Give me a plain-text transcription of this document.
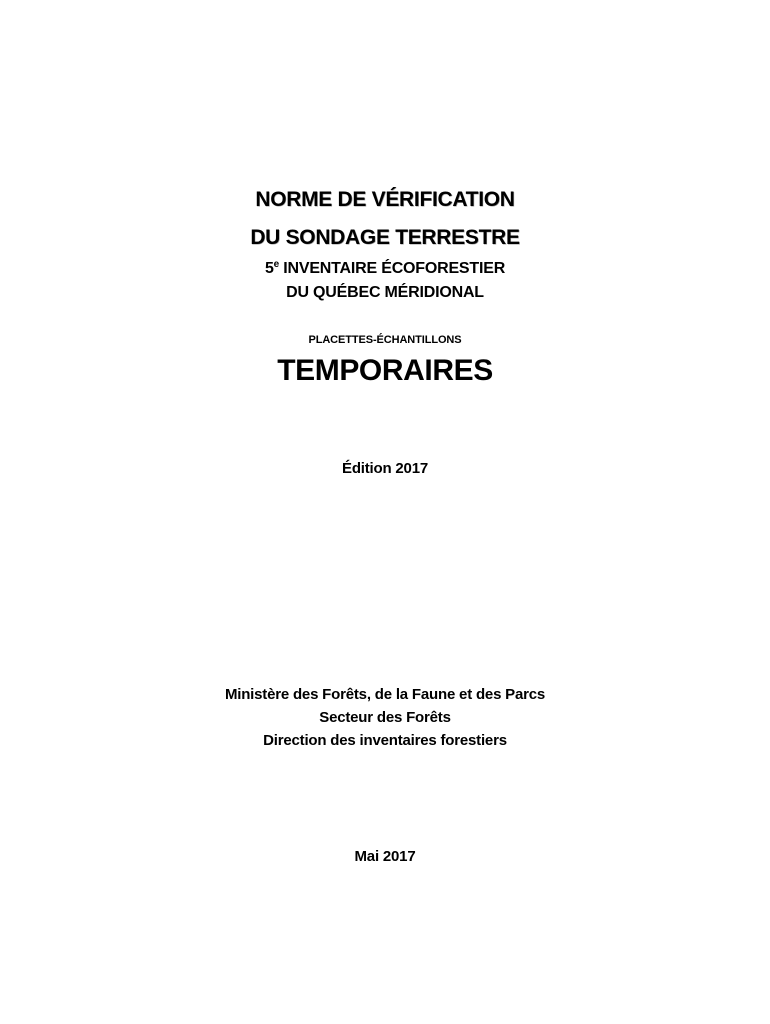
NORME DE VÉRIFICATION
DU SONDAGE TERRESTRE
5e INVENTAIRE ÉCOFORESTIER
DU QUÉBEC MÉRIDIONAL
PLACETTES-ÉCHANTILLONS
TEMPORAIRES
Édition 2017
Ministère des Forêts, de la Faune et des Parcs
Secteur des Forêts
Direction des inventaires forestiers
Mai 2017
